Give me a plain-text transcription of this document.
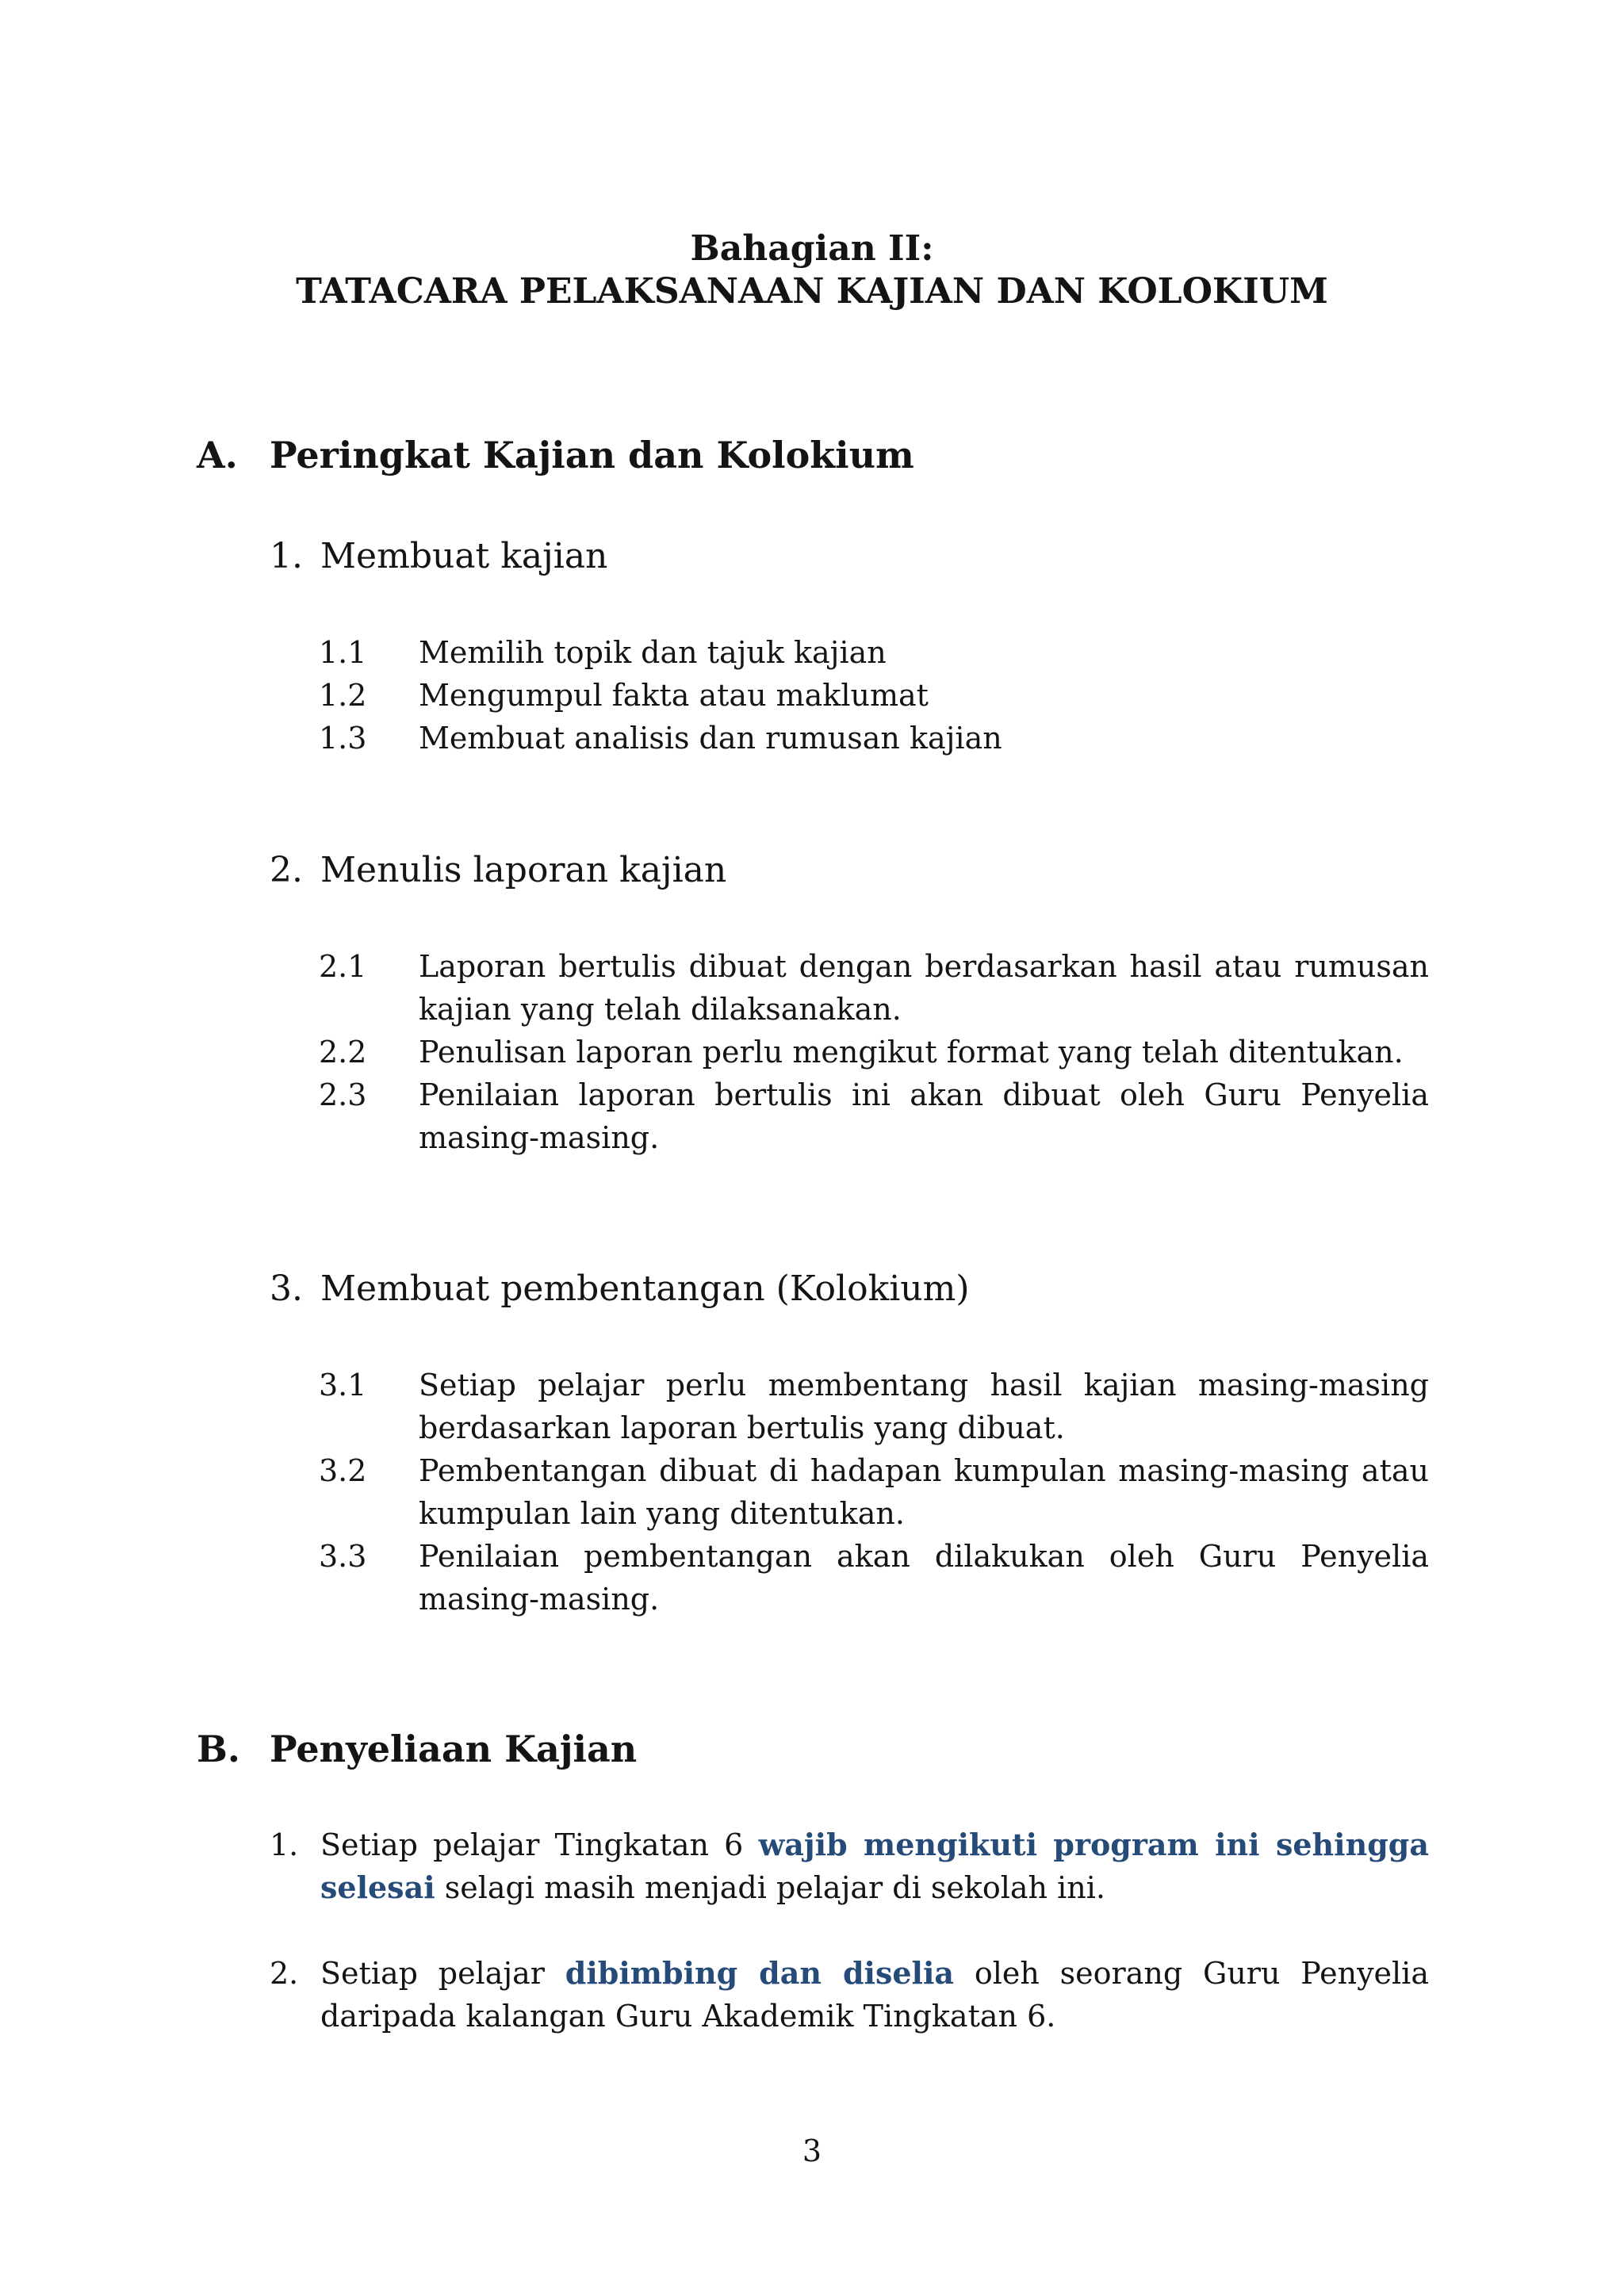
Bahagian II:
TATACARA PELAKSANAAN KAJIAN DAN KOLOKIUM
A. Peringkat Kajian dan Kolokium
1. Membuat kajian
1.1 Memilih topik dan tajuk kajian
1.2 Mengumpul fakta atau maklumat
1.3 Membuat analisis dan rumusan kajian
2. Menulis laporan kajian
2.1 Laporan bertulis dibuat dengan berdasarkan hasil atau rumusan kajian yang telah dilaksanakan.
2.2 Penulisan laporan perlu mengikut format yang telah ditentukan.
2.3 Penilaian laporan bertulis ini akan dibuat oleh Guru Penyelia masing-masing.
3. Membuat pembentangan (Kolokium)
3.1 Setiap pelajar perlu membentang hasil kajian masing-masing berdasarkan laporan bertulis yang dibuat.
3.2 Pembentangan dibuat di hadapan kumpulan masing-masing atau kumpulan lain yang ditentukan.
3.3 Penilaian pembentangan akan dilakukan oleh Guru Penyelia masing-masing.
B. Penyeliaan Kajian
1. Setiap pelajar Tingkatan 6 wajib mengikuti program ini sehingga selesai selagi masih menjadi pelajar di sekolah ini.
2. Setiap pelajar dibimbing dan diselia oleh seorang Guru Penyelia daripada kalangan Guru Akademik Tingkatan 6.
3
